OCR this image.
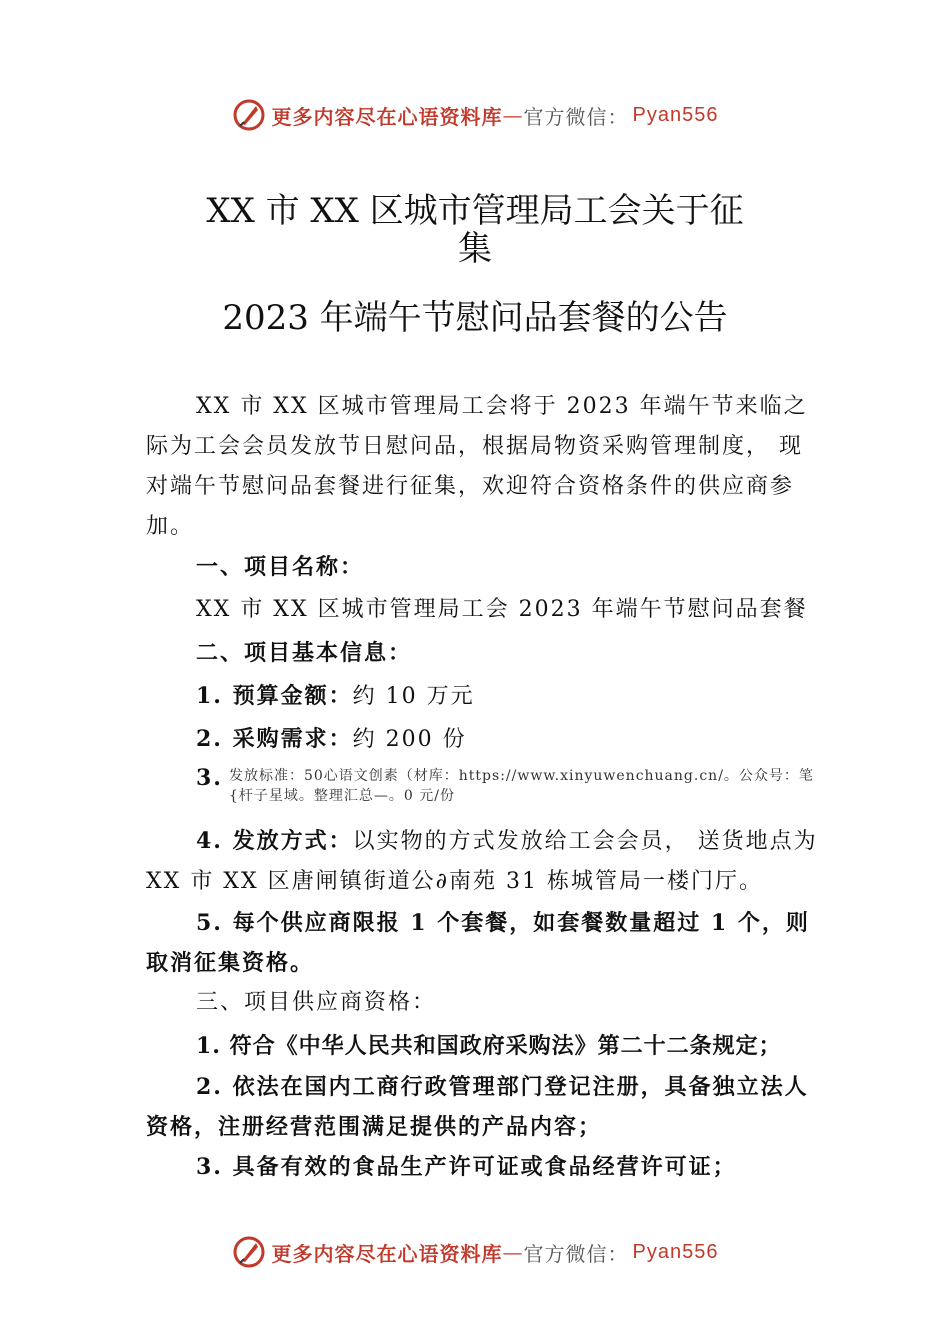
更多内容尽在心语资料库 — 官方微信： Pyan556
XX 市 XX 区城市管理局工会关于征
集
2023 年端午节慰问品套餐的公告
XX 市 XX 区城市管理局工会将于 2023 年端午节来临之际为工会会员发放节日慰问品，根据局物资采购管理制度， 现对端午节慰问品套餐进行征集，欢迎符合资格条件的供应商参加。
一、项目名称：
XX 市 XX 区城市管理局工会 2023 年端午节慰问品套餐
二、项目基本信息：
1. 预算金额：约 10 万元
2. 采购需求：约 200 份
3. 发放标准：50心语文创素（材库：https://www.xinyuwenchuang.cn/。公众号：笔{杆子星域。整理汇总—。0 元/份
4. 发放方式：以实物的方式发放给工会会员， 送货地点为 XX 市 XX 区唐闸镇街道公∂南苑 31 栋城管局一楼门厅。
5. 每个供应商限报 1 个套餐，如套餐数量超过 1 个，则取消征集资格。
三、项目供应商资格：
1. 符合《中华人民共和国政府采购法》第二十二条规定；
2. 依法在国内工商行政管理部门登记注册，具备独立法人资格，注册经营范围满足提供的产品内容；
3. 具备有效的食品生产许可证或食品经营许可证；
更多内容尽在心语资料库 — 官方微信： Pyan556
